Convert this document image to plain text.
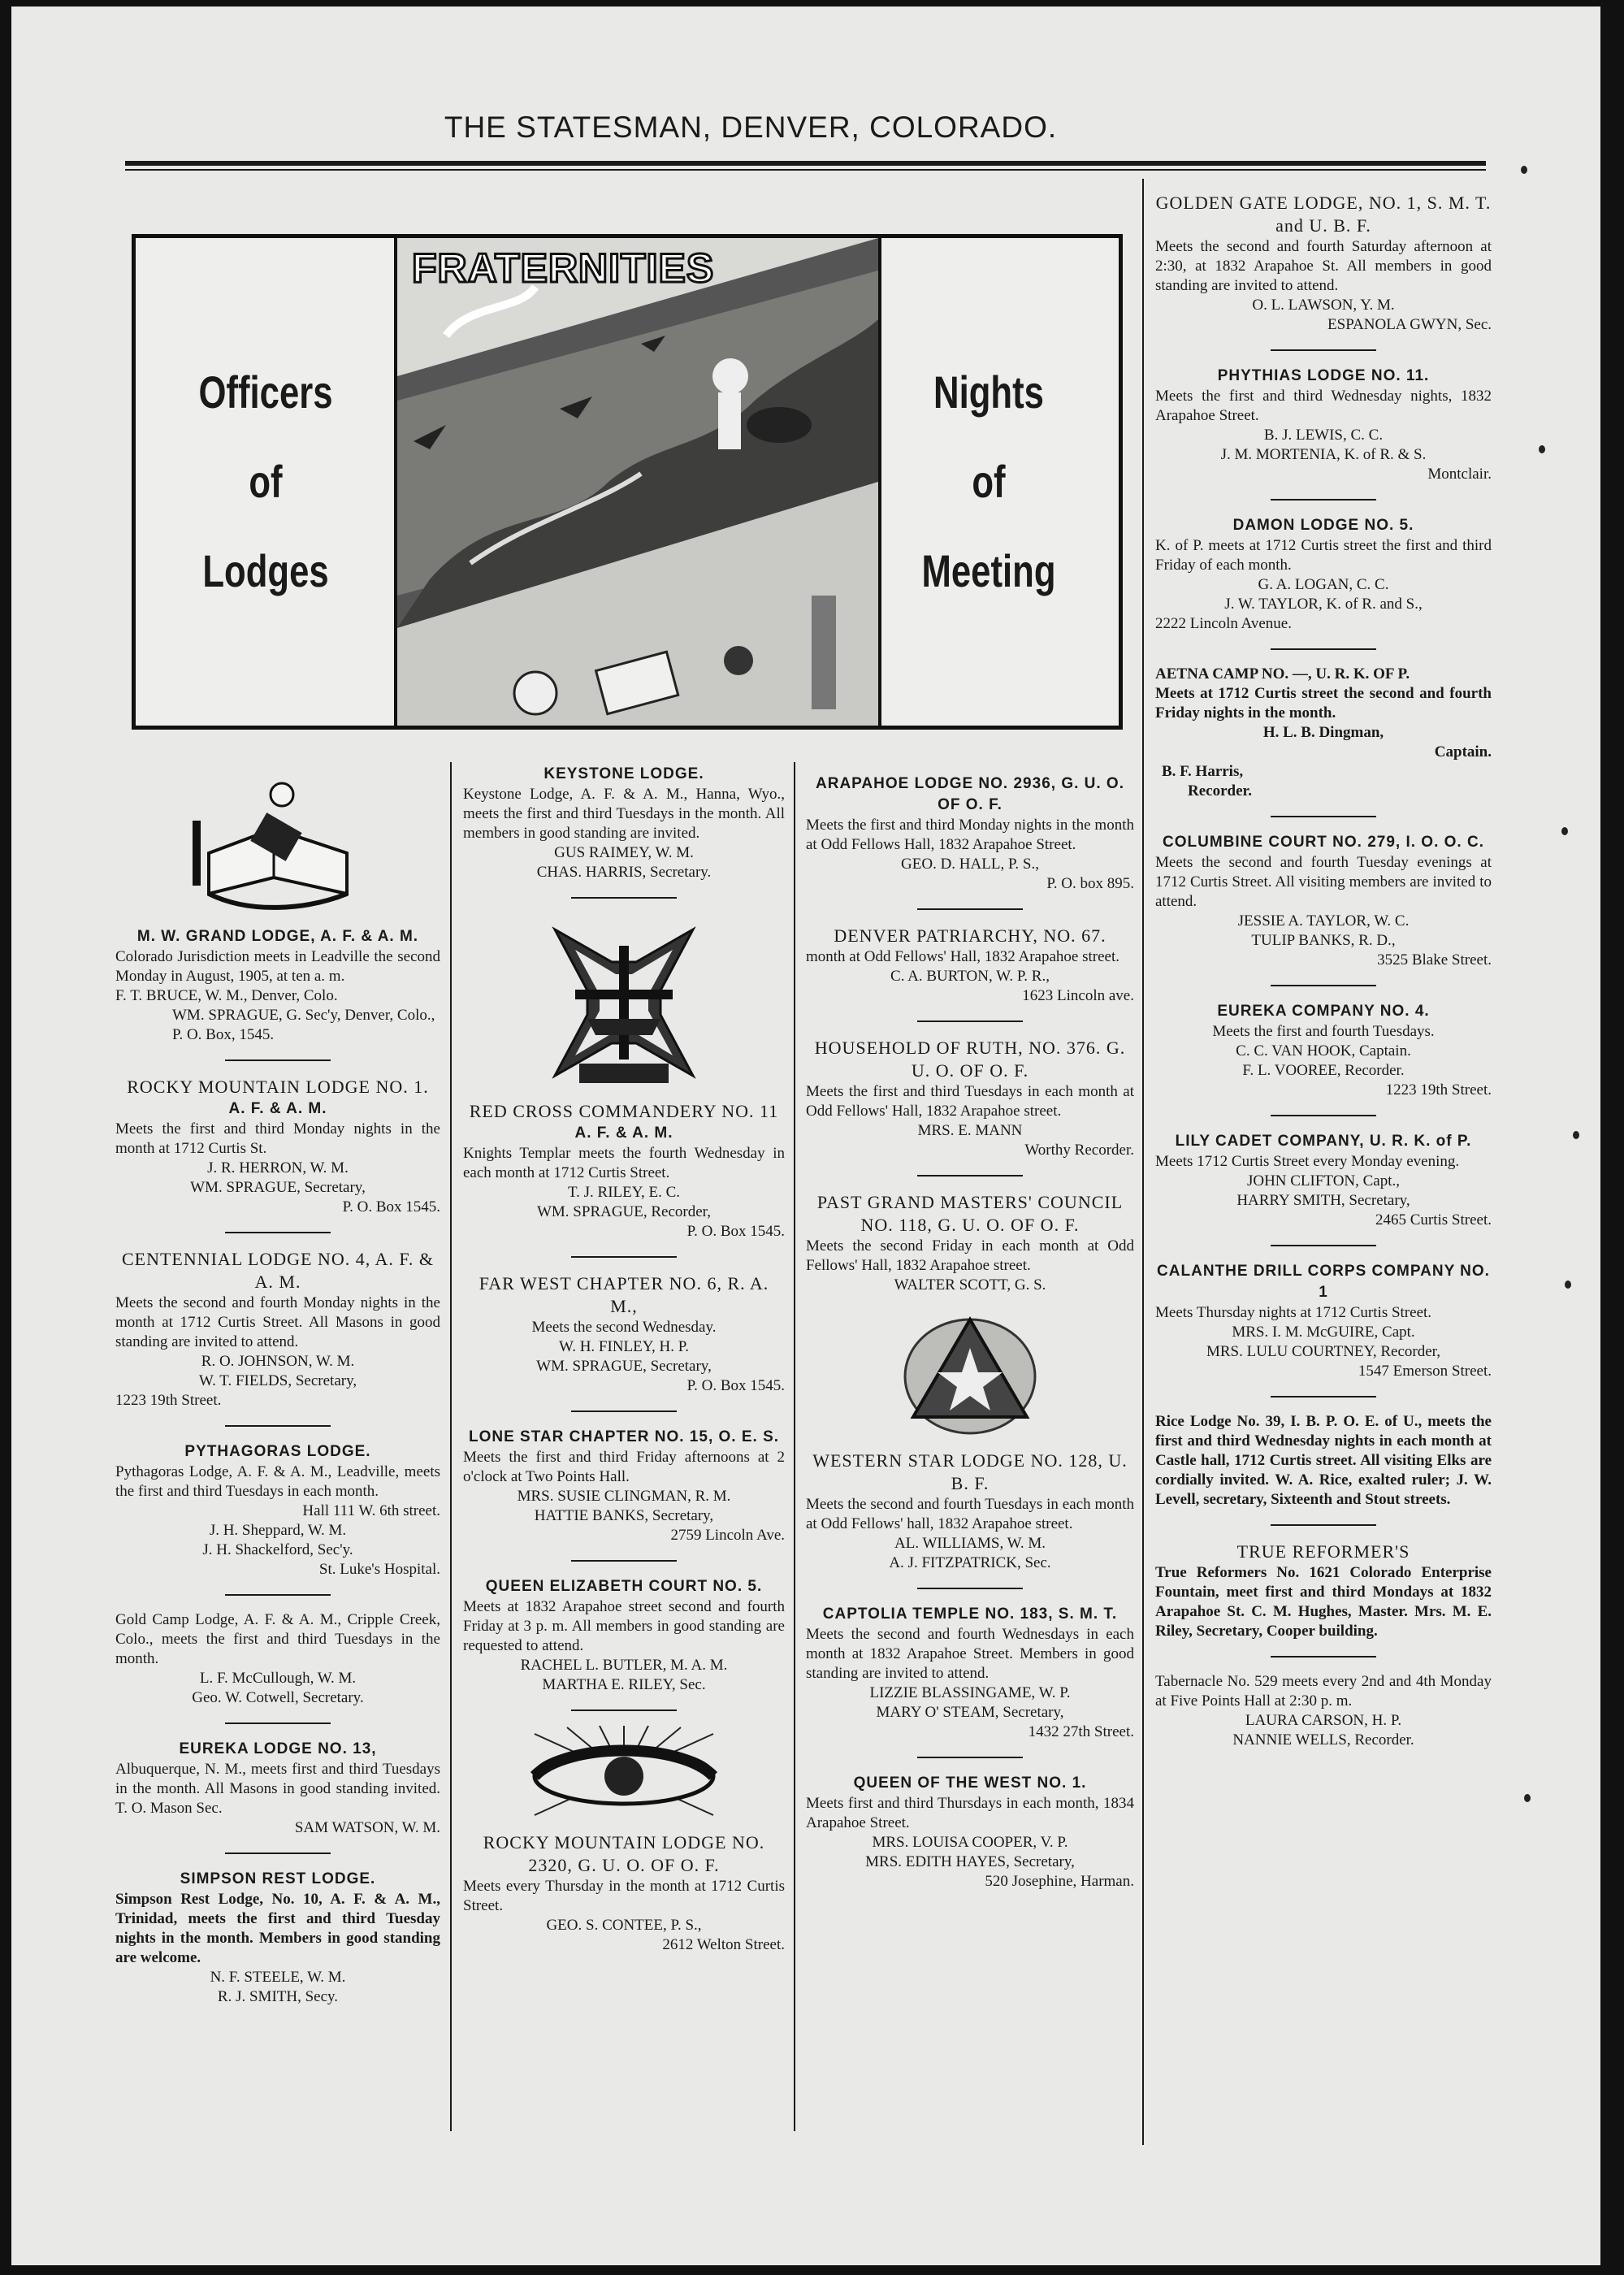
THE STATESMAN, DENVER, COLORADO.
Officers
of
Lodges
FRATERNITIES
Nights
of
Meeting
M. W. GRAND LODGE, A. F. & A. M.
Colorado Jurisdiction meets in Leadville the second Monday in August, 1905, at ten a. m.
F. T. BRUCE, W. M., Denver, Colo.
WM. SPRAGUE, G. Sec'y, Denver, Colo., P. O. Box, 1545.
ROCKY MOUNTAIN LODGE NO. 1.
A. F. & A. M.
Meets the first and third Monday nights in the month at 1712 Curtis St.
J. R. HERRON, W. M.
WM. SPRAGUE, Secretary,
P. O. Box 1545.
CENTENNIAL LODGE NO. 4, A. F. & A. M.
Meets the second and fourth Monday nights in the month at 1712 Curtis Street. All Masons in good standing are invited to attend.
R. O. JOHNSON, W. M.
W. T. FIELDS, Secretary,
1223 19th Street.
PYTHAGORAS LODGE.
Pythagoras Lodge, A. F. & A. M., Leadville, meets the first and third Tuesdays in each month.
Hall 111 W. 6th street.
J. H. Sheppard, W. M.
J. H. Shackelford, Sec'y.
St. Luke's Hospital.
Gold Camp Lodge, A. F. & A. M., Cripple Creek, Colo., meets the first and third Tuesdays in the month.
L. F. McCullough, W. M.
Geo. W. Cotwell, Secretary.
EUREKA LODGE NO. 13,
Albuquerque, N. M., meets first and third Tuesdays in the month. All Masons in good standing invited. T. O. Mason Sec.
SAM WATSON, W. M.
SIMPSON REST LODGE.
Simpson Rest Lodge, No. 10, A. F. & A. M., Trinidad, meets the first and third Tuesday nights in the month. Members in good standing are welcome.
N. F. STEELE, W. M.
R. J. SMITH, Secy.
KEYSTONE LODGE.
Keystone Lodge, A. F. & A. M., Hanna, Wyo., meets the first and third Tuesdays in the month. All members in good standing are invited.
GUS RAIMEY, W. M.
CHAS. HARRIS, Secretary.
RED CROSS COMMANDERY NO. 11
A. F. & A. M.
Knights Templar meets the fourth Wednesday in each month at 1712 Curtis Street.
T. J. RILEY, E. C.
WM. SPRAGUE, Recorder,
P. O. Box 1545.
FAR WEST CHAPTER NO. 6, R. A. M.,
Meets the second Wednesday.
W. H. FINLEY, H. P.
WM. SPRAGUE, Secretary,
P. O. Box 1545.
LONE STAR CHAPTER NO. 15, O. E. S.
Meets the first and third Friday afternoons at 2 o'clock at Two Points Hall.
MRS. SUSIE CLINGMAN, R. M.
HATTIE BANKS, Secretary,
2759 Lincoln Ave.
QUEEN ELIZABETH COURT NO. 5.
Meets at 1832 Arapahoe street second and fourth Friday at 3 p. m. All members in good standing are requested to attend.
RACHEL L. BUTLER, M. A. M.
MARTHA E. RILEY, Sec.
ROCKY MOUNTAIN LODGE NO. 2320, G. U. O. OF O. F.
Meets every Thursday in the month at 1712 Curtis Street.
GEO. S. CONTEE, P. S.,
2612 Welton Street.
ARAPAHOE LODGE NO. 2936, G. U. O. OF O. F.
Meets the first and third Monday nights in the month at Odd Fellows Hall, 1832 Arapahoe Street.
GEO. D. HALL, P. S.,
P. O. box 895.
DENVER PATRIARCHY, NO. 67.
month at Odd Fellows' Hall, 1832 Arapahoe street.
C. A. BURTON, W. P. R.,
1623 Lincoln ave.
HOUSEHOLD OF RUTH, NO. 376. G. U. O. OF O. F.
Meets the first and third Tuesdays in each month at Odd Fellows' Hall, 1832 Arapahoe street.
MRS. E. MANN
Worthy Recorder.
PAST GRAND MASTERS' COUNCIL NO. 118, G. U. O. OF O. F.
Meets the second Friday in each month at Odd Fellows' Hall, 1832 Arapahoe street.
WALTER SCOTT, G. S.
WESTERN STAR LODGE NO. 128, U. B. F.
Meets the second and fourth Tuesdays in each month at Odd Fellows' hall, 1832 Arapahoe street.
AL. WILLIAMS, W. M.
A. J. FITZPATRICK, Sec.
CAPTOLIA TEMPLE NO. 183, S. M. T.
Meets the second and fourth Wednesdays in each month at 1832 Arapahoe Street. Members in good standing are invited to attend.
LIZZIE BLASSINGAME, W. P.
MARY O' STEAM, Secretary,
1432 27th Street.
QUEEN OF THE WEST NO. 1.
Meets first and third Thursdays in each month, 1834 Arapahoe Street.
MRS. LOUISA COOPER, V. P.
MRS. EDITH HAYES, Secretary,
520 Josephine, Harman.
GOLDEN GATE LODGE, NO. 1, S. M. T. and U. B. F.
Meets the second and fourth Saturday afternoon at 2:30, at 1832 Arapahoe St. All members in good standing are invited to attend.
O. L. LAWSON, Y. M.
ESPANOLA GWYN, Sec.
PHYTHIAS LODGE NO. 11.
Meets the first and third Wednesday nights, 1832 Arapahoe Street.
B. J. LEWIS, C. C.
J. M. MORTENIA, K. of R. & S.
Montclair.
DAMON LODGE NO. 5.
K. of P. meets at 1712 Curtis street the first and third Friday of each month.
G. A. LOGAN, C. C.
J. W. TAYLOR, K. of R. and S.,
2222 Lincoln Avenue.
AETNA CAMP NO. —, U. R. K. OF P.
Meets at 1712 Curtis street the second and fourth Friday nights in the month.
H. L. B. Dingman,
Captain.
B. F. Harris,
Recorder.
COLUMBINE COURT NO. 279, I. O. O. C.
Meets the second and fourth Tuesday evenings at 1712 Curtis Street. All visiting members are invited to attend.
JESSIE A. TAYLOR, W. C.
TULIP BANKS, R. D.,
3525 Blake Street.
EUREKA COMPANY NO. 4.
Meets the first and fourth Tuesdays.
C. C. VAN HOOK, Captain.
F. L. VOOREE, Recorder.
1223 19th Street.
LILY CADET COMPANY, U. R. K. of P.
Meets 1712 Curtis Street every Monday evening.
JOHN CLIFTON, Capt.,
HARRY SMITH, Secretary,
2465 Curtis Street.
CALANTHE DRILL CORPS COMPANY NO. 1
Meets Thursday nights at 1712 Curtis Street.
MRS. I. M. McGUIRE, Capt.
MRS. LULU COURTNEY, Recorder,
1547 Emerson Street.
Rice Lodge No. 39, I. B. P. O. E. of U., meets the first and third Wednesday nights in each month at Castle hall, 1712 Curtis street. All visiting Elks are cordially invited. W. A. Rice, exalted ruler; J. W. Levell, secretary, Sixteenth and Stout streets.
TRUE REFORMER'S
True Reformers No. 1621 Colorado Enterprise Fountain, meet first and third Mondays at 1832 Arapahoe St. C. M. Hughes, Master. Mrs. M. E. Riley, Secretary, Cooper building.
Tabernacle No. 529 meets every 2nd and 4th Monday at Five Points Hall at 2:30 p. m.
LAURA CARSON, H. P.
NANNIE WELLS, Recorder.
